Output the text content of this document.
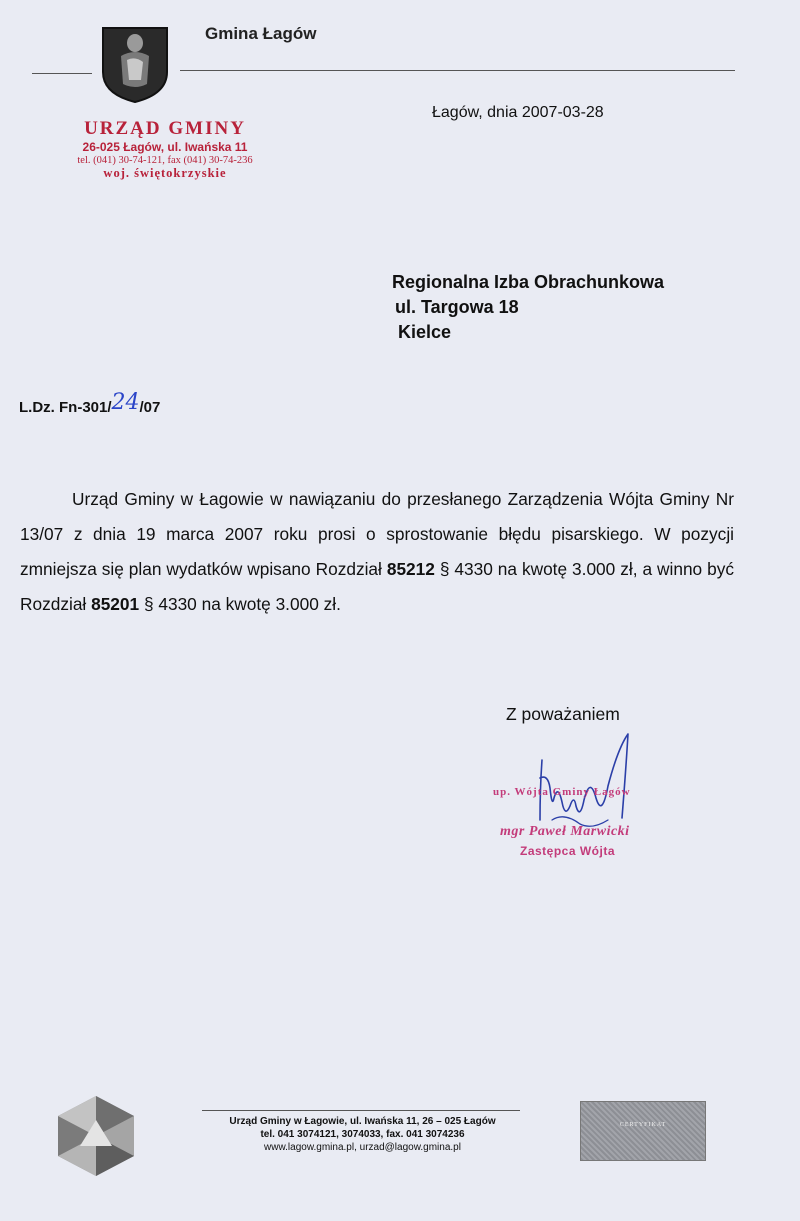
Gmina Łagów
URZĄD GMINY
26-025 Łagów, ul. Iwańska 11
tel. (041) 30-74-121, fax (041) 30-74-236
woj. świętokrzyskie
Łagów, dnia 2007-03-28
Regionalna Izba Obrachunkowa
ul. Targowa 18
Kielce
L.Dz. Fn-301/24/07
Urząd Gminy w Łagowie w nawiązaniu do przesłanego Zarządzenia Wójta Gminy Nr 13/07 z dnia 19 marca 2007 roku prosi o sprostowanie błędu pisarskiego. W pozycji zmniejsza się plan wydatków wpisano Rozdział 85212 § 4330 na kwotę 3.000 zł, a winno być Rozdział 85201 § 4330 na kwotę 3.000 zł.
Z poważaniem
up. Wójta Gminy Łagów
mgr Paweł Marwicki
Zastępca Wójta
Urząd Gminy w Łagowie, ul. Iwańska 11, 26 – 025 Łagów
tel. 041 3074121, 3074033, fax. 041 3074236
www.lagow.gmina.pl, urzad@lagow.gmina.pl
CERTYFIKAT
